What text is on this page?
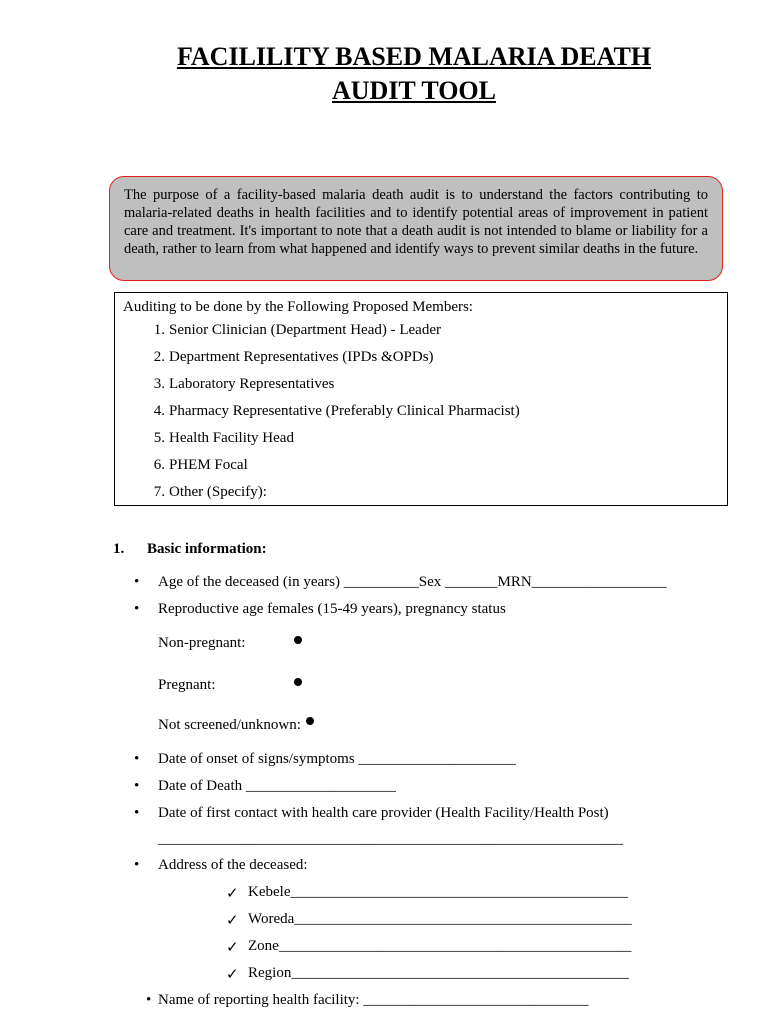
FACILILITY BASED MALARIA DEATH
AUDIT TOOL
The purpose of a facility-based malaria death audit is to understand the factors contributing to malaria-related deaths in health facilities and to identify potential areas of improvement in patient care and treatment. It's important to note that a death audit is not intended to blame or liability for a death, rather to learn from what happened and identify ways to prevent similar deaths in the future.
Auditing to be done by the Following Proposed Members:
1. Senior Clinician (Department Head) - Leader
2. Department Representatives (IPDs &OPDs)
3. Laboratory Representatives
4. Pharmacy Representative (Preferably Clinical Pharmacist)
5. Health Facility Head
6. PHEM Focal
7. Other (Specify):
1. Basic information:
• Age of the deceased (in years) __________Sex _______MRN__________________
• Reproductive age females (15-49 years), pregnancy status
Non-pregnant:
Pregnant:
Not screened/unknown:
• Date of onset of signs/symptoms _____________________
• Date of Death ____________________
• Date of first contact with health care provider (Health Facility/Health Post)
______________________________________________________________
• Address of the deceased:
✓ Kebele_____________________________________________
✓ Woreda_____________________________________________
✓ Zone_______________________________________________
✓ Region_____________________________________________
• Name of reporting health facility: ______________________________
